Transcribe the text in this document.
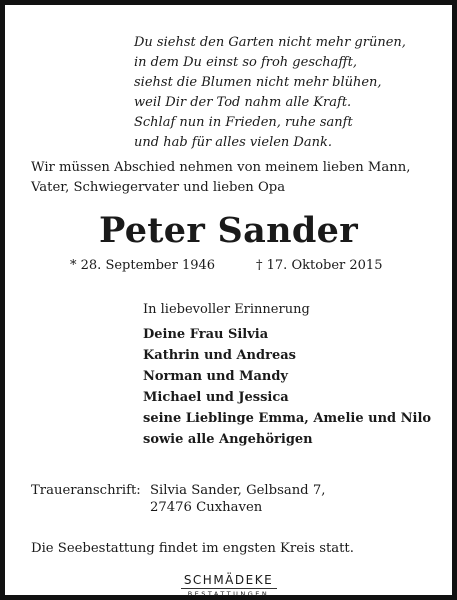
Du siehst den Garten nicht mehr grünen,
in dem Du einst so froh geschafft,
siehst die Blumen nicht mehr blühen,
weil Dir der Tod nahm alle Kraft.
Schlaf nun in Frieden, ruhe sanft
und hab für alles vielen Dank.
Wir müssen Abschied nehmen von meinem lieben Mann,
Vater, Schwiegervater und lieben Opa
Peter Sander
* 28. September 1946	† 17. Oktober 2015
In liebevoller Erinnerung
Deine Frau Silvia
Kathrin und Andreas
Norman und Mandy
Michael und Jessica
seine Lieblinge Emma, Amelie und Nilo
sowie alle Angehörigen
Traueranschrift: Silvia Sander, Gelbsand 7,
27476 Cuxhaven
Die Seebestattung findet im engsten Kreis statt.
SCHMÄDEKE
BESTATTUNGEN
